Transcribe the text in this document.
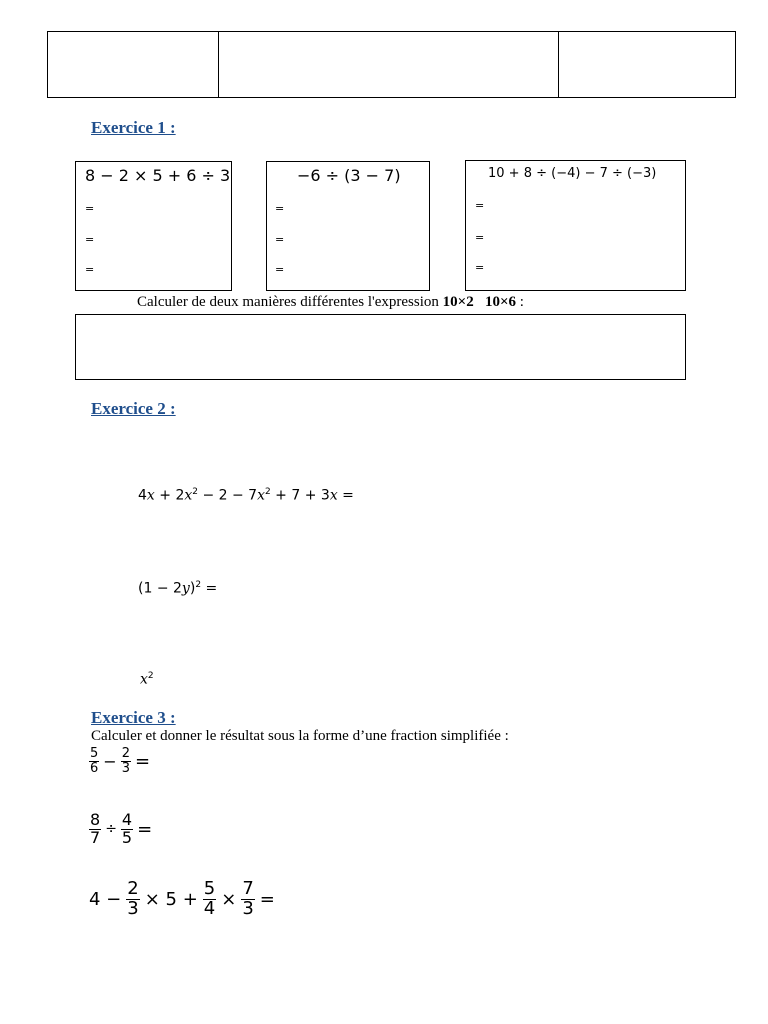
Exercice 1 :
8 − 2 × 5 + 6 ÷ 3
=
=
=
−6 ÷ (3 − 7)
=
=
=
10 + 8 ÷ (−4) − 7 ÷ (−3)
=
=
=
Calculer de deux manières différentes l'expression 10×2   10×6 :
Exercice 2 :
$4x + 2x^2 - 2 - 7x^2 + 7 + 3x$ =
$(1 - 2y)^2$ =
$x^2$
Exercice 3 :
Calculer et donner le résultat sous la forme d’une fraction simplifiée :
$\frac{5}{6} - \frac{2}{3}$ =
$\frac{8}{7} \div \frac{4}{5}$ =
$4 - \frac{2}{3} \times 5 + \frac{5}{4} \times \frac{7}{3}$ =
